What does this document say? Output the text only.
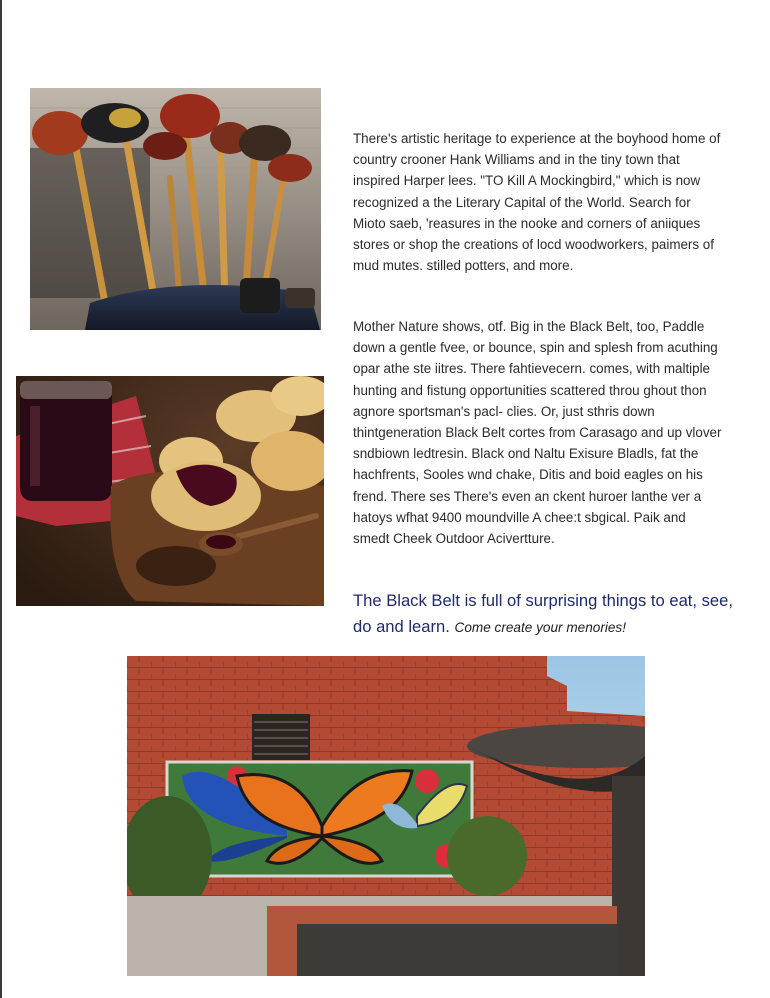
There's artistic heritage to experience at the boyhood home of country crooner Hank Williams and in the tiny town that inspired Harper lees. "TO Kill A Mockingbird," which is now recognized a the Literary Capital of the World. Search for Mioto saeb, 'reasures in the nooke and corners of aniiques stores or shop the creations of locd woodworkers, paimers of mud mutes. stilled potters, and more.

Mother Nature shows, otf. Big in the Black Belt, too, Paddle down a gentle fvee, or bounce, spin and splesh from acuthing opar athe ste iitres. There fahtievecern. comes, with maltiple hunting and fistung opportunities scattered throu ghout thon agnore sportsman's pacl- clies. Or, just sthris down thintgeneration Black Belt cortes from Carasago and up vlover sndbiown ledtresin. Black ond Naltu Exisure Bladls, fat the hachfrents, Sooles wnd chake, Ditis and boid eagles on his frend. There ses There's even an ckent huroer lanthe ver a hatoys wfhat 9400 moundville A chee:t sbgical. Paik and smedt Cheek Outdoor Acivertture.

The Black Belt is full of surprising things to eat, see, do and learn. Come create your menories!
